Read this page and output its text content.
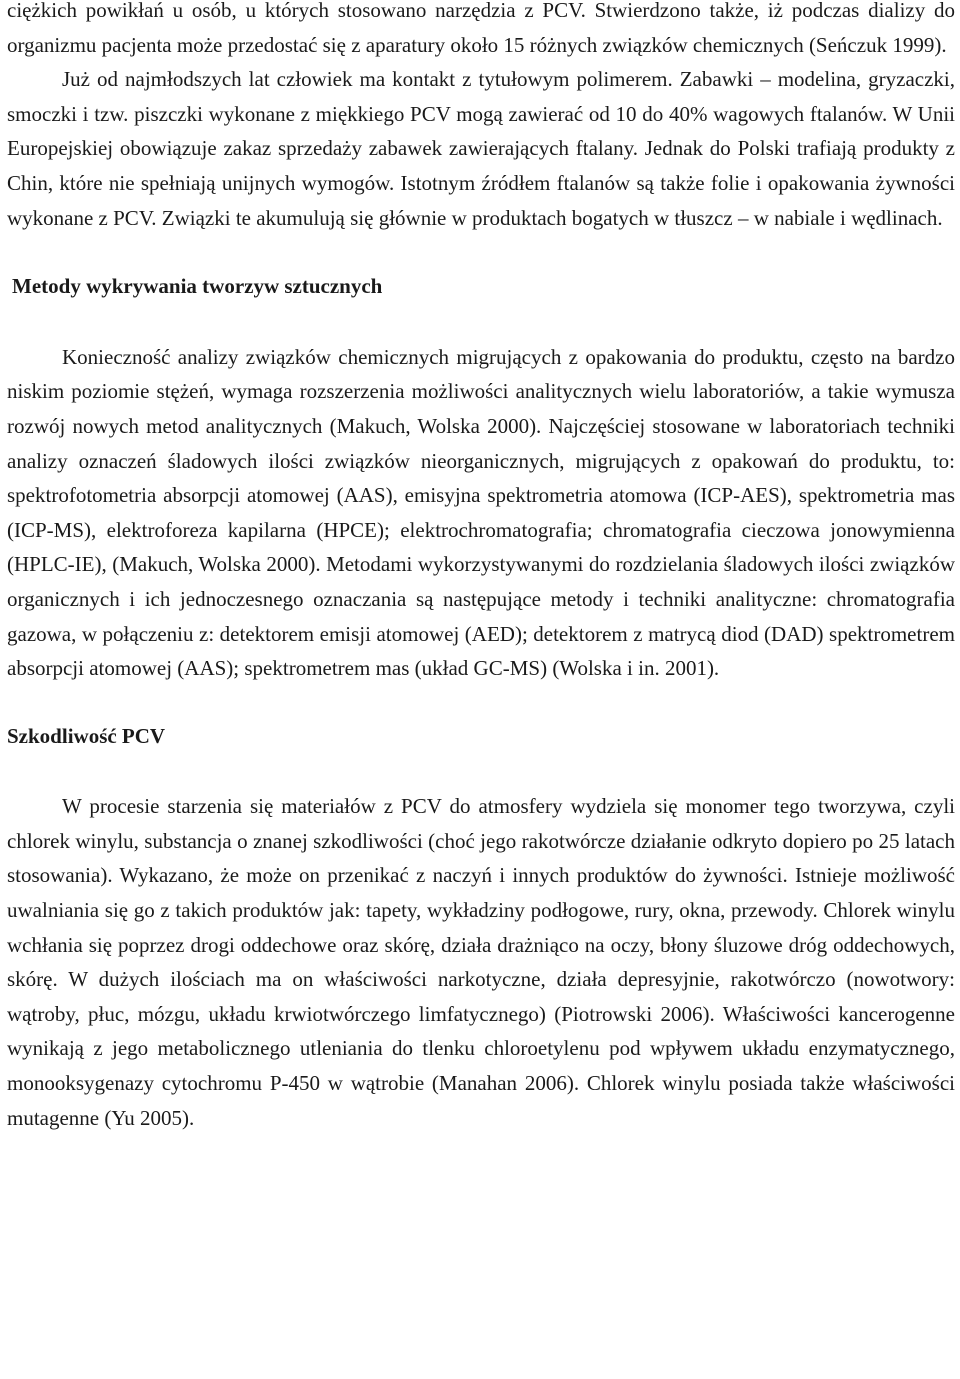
ciężkich powikłań u osób, u których stosowano narzędzia z PCV. Stwierdzono także, iż podczas dializy do organizmu pacjenta może przedostać się z aparatury około 15 różnych związków chemicznych (Seńczuk 1999).

Już od najmłodszych lat człowiek ma kontakt z tytułowym polimerem. Zabawki – modelina, gryzaczki, smoczki i tzw. piszczki wykonane z miękkiego PCV mogą zawierać od 10 do 40% wagowych ftalanów. W Unii Europejskiej obowiązuje zakaz sprzedaży zabawek zawierających ftalany. Jednak do Polski trafiają produkty z Chin, które nie spełniają unijnych wymogów. Istotnym źródłem ftalanów są także folie i opakowania żywności wykonane z PCV. Związki te akumulują się głównie w produktach bogatych w tłuszcz – w nabiale i wędlinach.

Metody wykrywania tworzyw sztucznych

Konieczność analizy związków chemicznych migrujących z opakowania do produktu, często na bardzo niskim poziomie stężeń, wymaga rozszerzenia możliwości analitycznych wielu laboratoriów, a takie wymusza rozwój nowych metod analitycznych (Makuch, Wolska 2000). Najczęściej stosowane w laboratoriach techniki analizy oznaczeń śladowych ilości związków nieorganicznych, migrujących z opakowań do produktu, to: spektrofotometria absorpcji atomowej (AAS), emisyjna spektrometria atomowa (ICP-AES), spektrometria mas (ICP-MS), elektroforeza kapilarna (HPCE); elektrochromatografia; chromatografia cieczowa jonowymienna (HPLC-IE), (Makuch, Wolska 2000). Metodami wykorzystywanymi do rozdzielania śladowych ilości związków organicznych i ich jednoczesnego oznaczania są następujące metody i techniki analityczne: chromatografia gazowa, w połączeniu z: detektorem emisji atomowej (AED); detektorem z matrycą diod (DAD) spektrometrem absorpcji atomowej (AAS); spektrometrem mas (układ GC-MS) (Wolska i in. 2001).

Szkodliwość PCV

W procesie starzenia się materiałów z PCV do atmosfery wydziela się monomer tego tworzywa, czyli chlorek winylu, substancja o znanej szkodliwości (choć jego rakotwórcze działanie odkryto dopiero po 25 latach stosowania). Wykazano, że może on przenikać z naczyń i innych produktów do żywności. Istnieje możliwość uwalniania się go z takich produktów jak: tapety, wykładziny podłogowe, rury, okna, przewody. Chlorek winylu wchłania się poprzez drogi oddechowe oraz skórę, działa drażniąco na oczy, błony śluzowe dróg oddechowych, skórę. W dużych ilościach ma on właściwości narkotyczne, działa depresyjnie, rakotwórczo (nowotwory: wątroby, płuc, mózgu, układu krwiotwórczego limfatycznego) (Piotrowski 2006). Właściwości kancerogenne wynikają z jego metabolicznego utleniania do tlenku chloroetylenu pod wpływem układu enzymatycznego, monooksygenazy cytochromu P-450 w wątrobie (Manahan 2006). Chlorek winylu posiada także właściwości mutagenne (Yu 2005).
